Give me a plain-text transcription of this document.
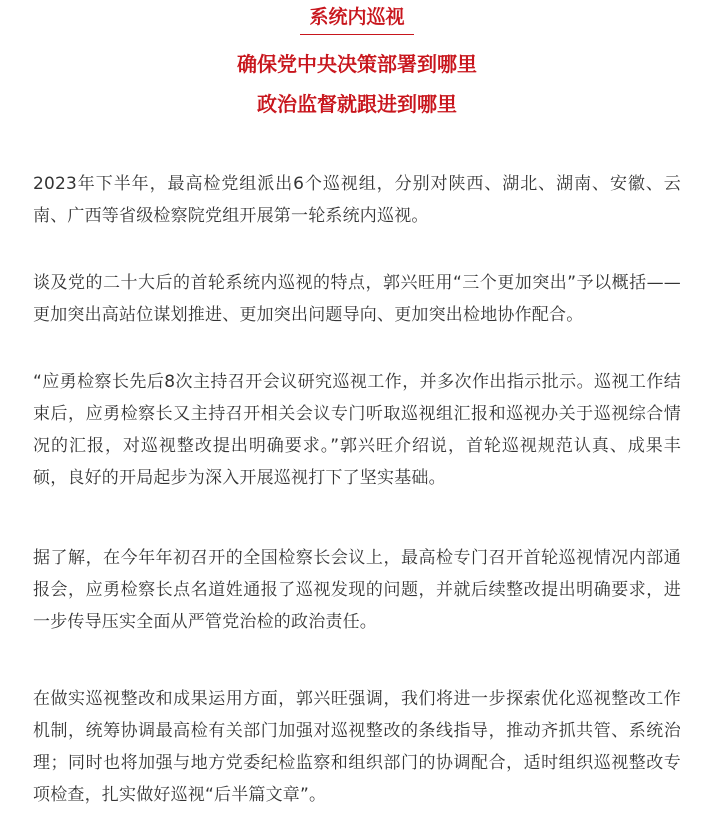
系统内巡视
确保党中央决策部署到哪里
政治监督就跟进到哪里

2023年下半年，最高检党组派出6个巡视组，分别对陕西、湖北、湖南、安徽、云南、广西等省级检察院党组开展第一轮系统内巡视。

谈及党的二十大后的首轮系统内巡视的特点，郭兴旺用“三个更加突出”予以概括——更加突出高站位谋划推进、更加突出问题导向、更加突出检地协作配合。

“应勇检察长先后8次主持召开会议研究巡视工作，并多次作出指示批示。巡视工作结束后，应勇检察长又主持召开相关会议专门听取巡视组汇报和巡视办关于巡视综合情况的汇报，对巡视整改提出明确要求。”郭兴旺介绍说，首轮巡视规范认真、成果丰硕，良好的开局起步为深入开展巡视打下了坚实基础。

据了解，在今年年初召开的全国检察长会议上，最高检专门召开首轮巡视情况内部通报会，应勇检察长点名道姓通报了巡视发现的问题，并就后续整改提出明确要求，进一步传导压实全面从严管党治检的政治责任。

在做实巡视整改和成果运用方面，郭兴旺强调，我们将进一步探索优化巡视整改工作机制，统筹协调最高检有关部门加强对巡视整改的条线指导，推动齐抓共管、系统治理；同时也将加强与地方党委纪检监察和组织部门的协调配合，适时组织巡视整改专项检查，扎实做好巡视“后半篇文章”。
